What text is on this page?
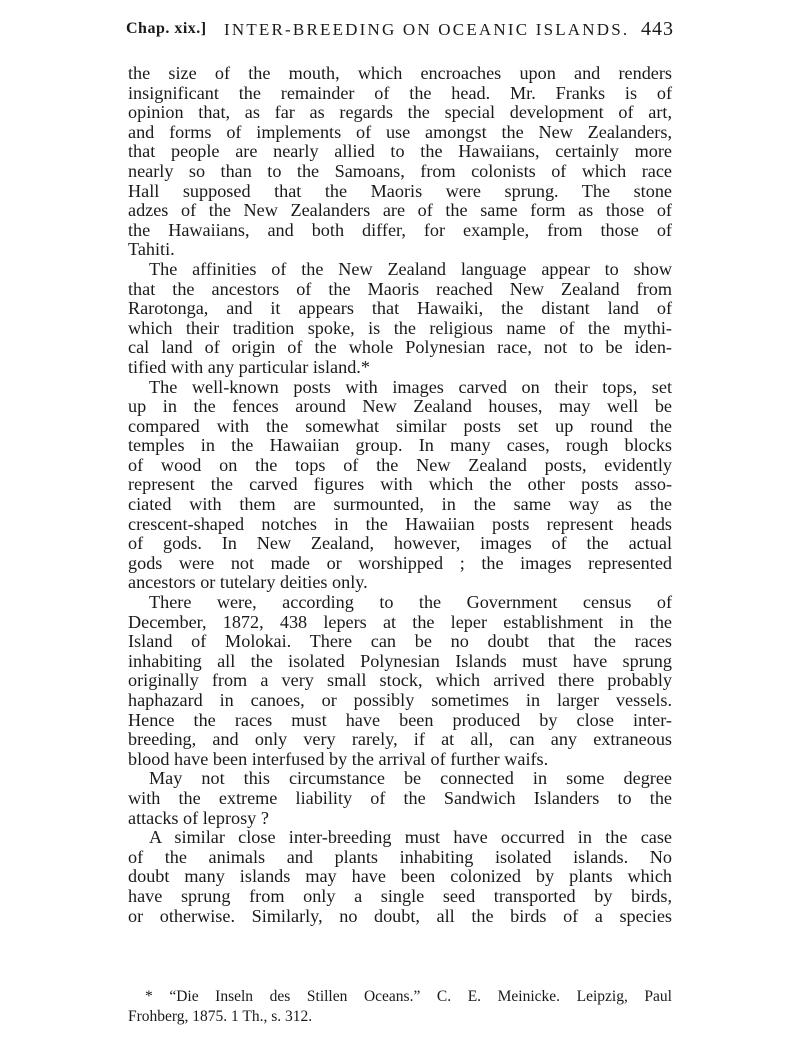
Chap. xix.] INTER-BREEDING ON OCEANIC ISLANDS. 443
the size of the mouth, which encroaches upon and renders
insignificant the remainder of the head. Mr. Franks is of
opinion that, as far as regards the special development of art,
and forms of implements of use amongst the New Zealanders,
that people are nearly allied to the Hawaiians, certainly more
nearly so than to the Samoans, from colonists of which race
Hall supposed that the Maoris were sprung. The stone
adzes of the New Zealanders are of the same form as those of
the Hawaiians, and both differ, for example, from those of
Tahiti.
The affinities of the New Zealand language appear to show
that the ancestors of the Maoris reached New Zealand from
Rarotonga, and it appears that Hawaiki, the distant land of
which their tradition spoke, is the religious name of the mythi-
cal land of origin of the whole Polynesian race, not to be iden-
tified with any particular island.*
The well-known posts with images carved on their tops, set
up in the fences around New Zealand houses, may well be
compared with the somewhat similar posts set up round the
temples in the Hawaiian group. In many cases, rough blocks
of wood on the tops of the New Zealand posts, evidently
represent the carved figures with which the other posts asso-
ciated with them are surmounted, in the same way as the
crescent-shaped notches in the Hawaiian posts represent heads
of gods. In New Zealand, however, images of the actual
gods were not made or worshipped ; the images represented
ancestors or tutelary deities only.
There were, according to the Government census of
December, 1872, 438 lepers at the leper establishment in the
Island of Molokai. There can be no doubt that the races
inhabiting all the isolated Polynesian Islands must have sprung
originally from a very small stock, which arrived there probably
haphazard in canoes, or possibly sometimes in larger vessels.
Hence the races must have been produced by close inter-
breeding, and only very rarely, if at all, can any extraneous
blood have been interfused by the arrival of further waifs.
May not this circumstance be connected in some degree
with the extreme liability of the Sandwich Islanders to the
attacks of leprosy ?
A similar close inter-breeding must have occurred in the case
of the animals and plants inhabiting isolated islands. No
doubt many islands may have been colonized by plants which
have sprung from only a single seed transported by birds,
or otherwise. Similarly, no doubt, all the birds of a species
* “Die Inseln des Stillen Oceans.” C. E. Meinicke. Leipzig, Paul
Frohberg, 1875. 1 Th., s. 312.
